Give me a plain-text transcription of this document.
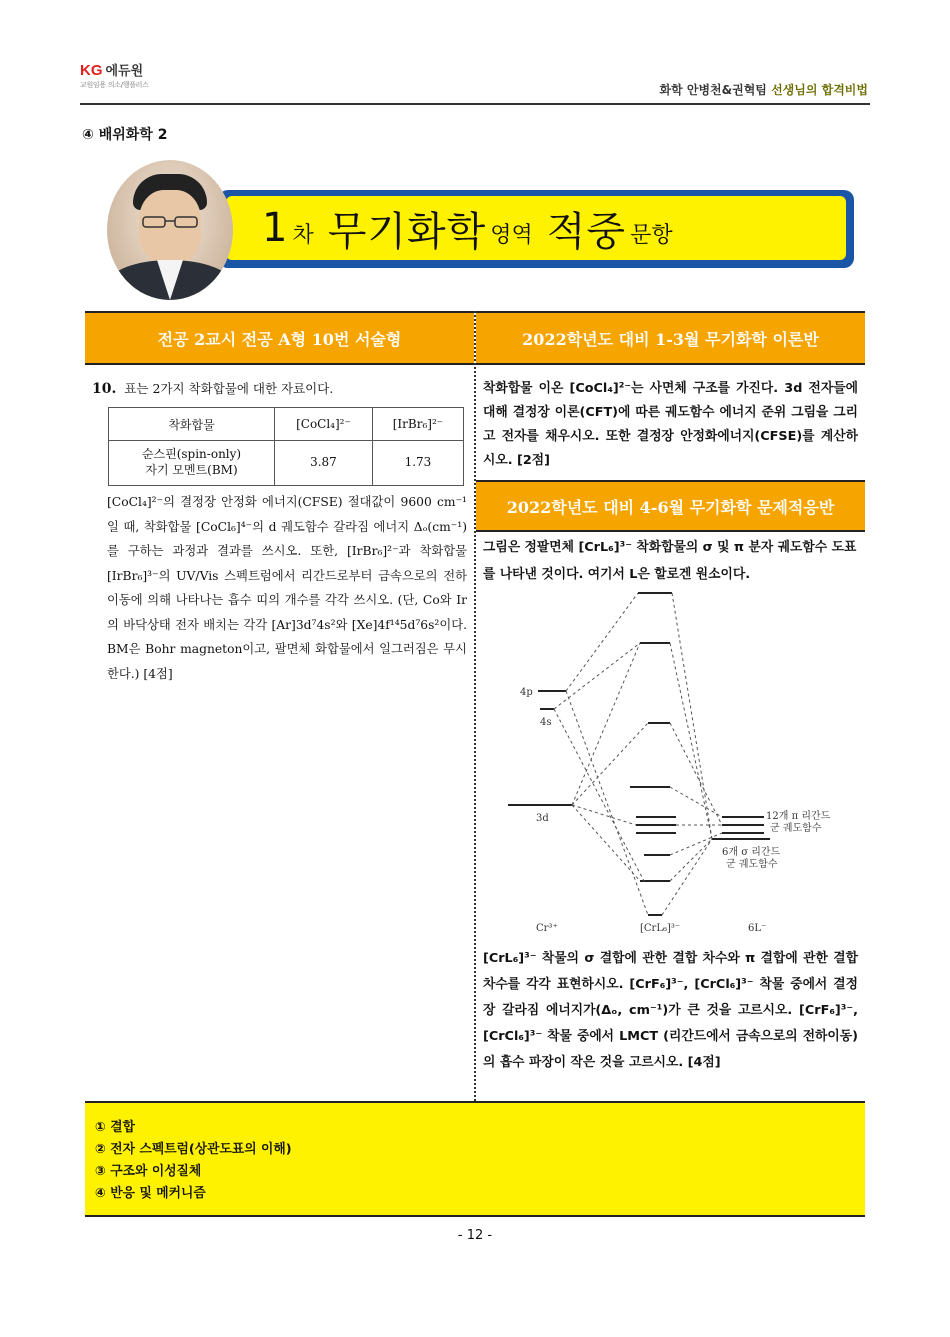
KG 에듀원
교원임용 의소/행플러스	화학 안병천&권혁팀 선생님의 합격비법
④ 배위화학 2
1 차 무기화학 영역 적중 문항
전공 2교시 전공 A형 10번 서술형	2022학년도 대비 1-3월 무기화학 이론반
10. 표는 2가지 착화합물에 대한 자료이다.
착화합물	[CoCl₄]²⁻	[IrBr₆]²⁻
순스핀(spin-only)
자기 모멘트(BM)	3.87	1.73
[CoCl₄]²⁻의 결정장 안정화 에너지(CFSE) 절대값이 9600 cm⁻¹일 때, 착화합물 [CoCl₆]⁴⁻의 d 궤도함수 갈라짐 에너지 Δₒ(cm⁻¹)를 구하는 과정과 결과를 쓰시오. 또한, [IrBr₆]²⁻과 착화합물 [IrBr₆]³⁻의 UV/Vis 스펙트럼에서 리간드로부터 금속으로의 전하 이동에 의해 나타나는 흡수 띠의 개수를 각각 쓰시오. (단, Co와 Ir의 바닥상태 전자 배치는 각각 [Ar]3d⁷4s²와 [Xe]4f¹⁴5d⁷6s²이다. BM은 Bohr magneton이고, 팔면체 화합물에서 일그러짐은 무시한다.) [4점]
착화합물 이온 [CoCl₄]²⁻는 사면체 구조를 가진다. 3d 전자들에 대해 결정장 이론(CFT)에 따른 궤도함수 에너지 준위 그림을 그리고 전자를 채우시오. 또한 결정장 안정화에너지(CFSE)를 계산하시오. [2점]
2022학년도 대비 4-6월 무기화학 문제적응반
그림은 정팔면체 [CrL₆]³⁻ 착화합물의 σ 및 π 분자 궤도함수 도표를 나타낸 것이다. 여기서 L은 할로겐 원소이다.
4p
4s
3d	12개 π 리간드
군 궤도함수
6개 σ 리간드
군 궤도함수
Cr³⁺	[CrL₆]³⁻	6L⁻
[CrL₆]³⁻ 착물의 σ 결합에 관한 결합 차수와 π 결합에 관한 결합 차수를 각각 표현하시오. [CrF₆]³⁻, [CrCl₆]³⁻ 착물 중에서 결정장 갈라짐 에너지가(Δₒ, cm⁻¹)가 큰 것을 고르시오. [CrF₆]³⁻, [CrCl₆]³⁻ 착물 중에서 LMCT (리간드에서 금속으로의 전하이동)의 흡수 파장이 작은 것을 고르시오. [4점]
① 결합
② 전자 스펙트럼(상관도표의 이해)
③ 구조와 이성질체
④ 반응 및 메커니즘
- 12 -
